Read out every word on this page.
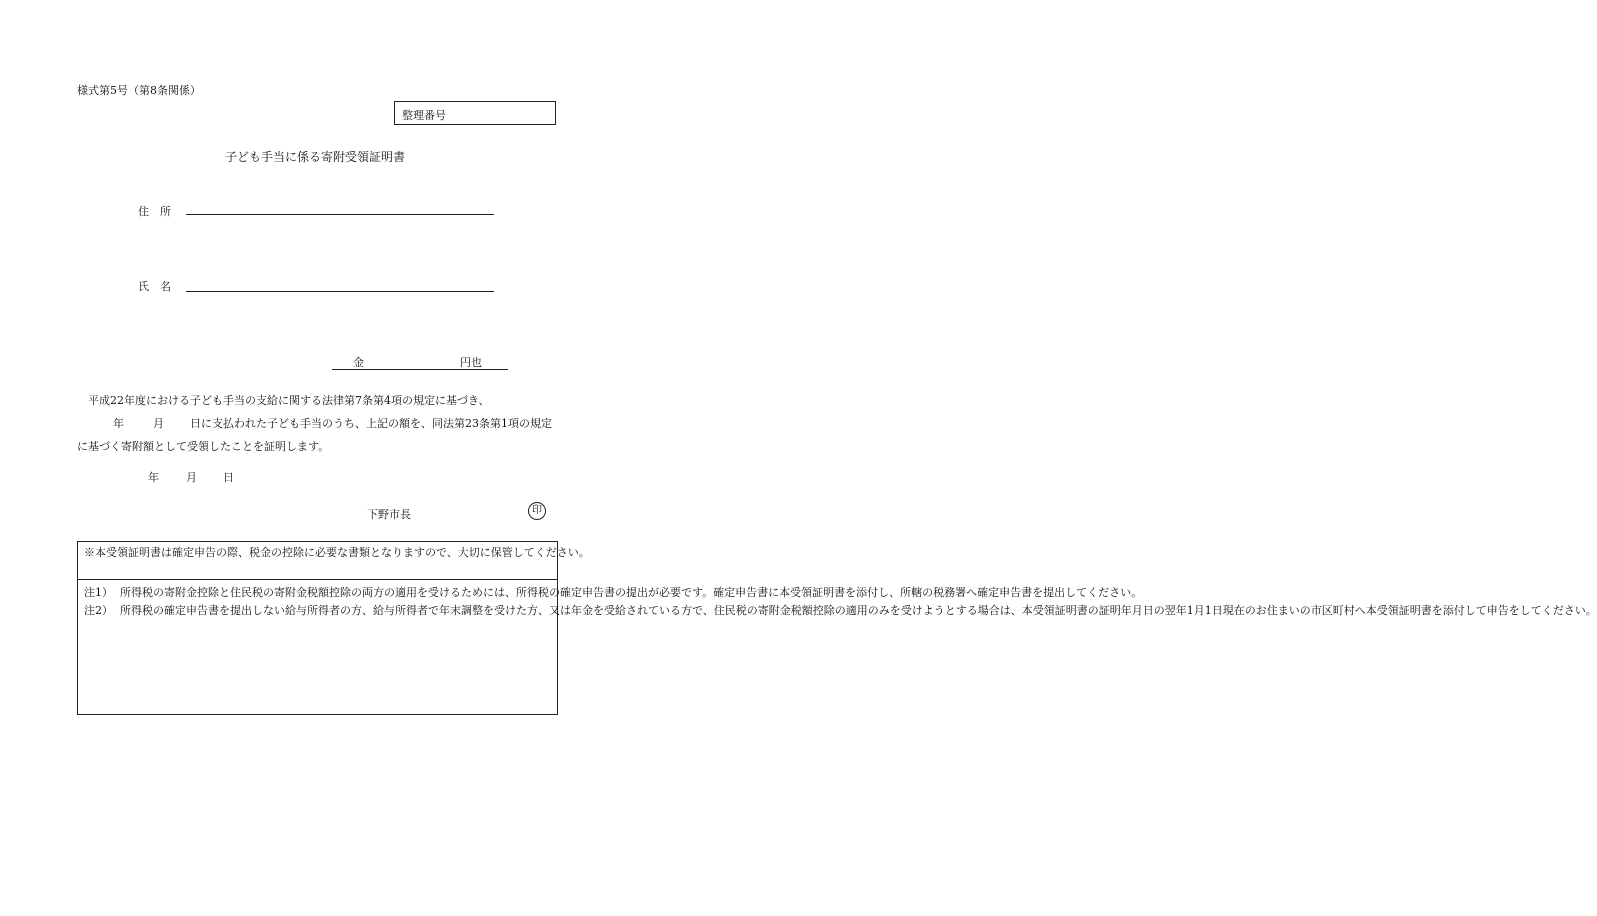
様式第5号（第8条関係）
整理番号
子ども手当に係る寄附受領証明書
住　所
氏　名
金	円也

平成22年度における子ども手当の支給に関する法律第7条第4項の規定に基づき、

年	月 日に支払われた子ども手当のうち、上記の額を、同法第23条第1項の規定に基づく寄附額として受領したことを証明します。

年 月 日
下野市長	印
※本受領証明書は確定申告の際、税金の控除に必要な書類となりますので、大切に保管してください。
注1） 所得税の寄附金控除と住民税の寄附金税額控除の両方の適用を受けるためには、所得税の確定申告書の提出が必要です。確定申告書に本受領証明書を添付し、所轄の税務署へ確定申告書を提出してください。
注2） 所得税の確定申告書を提出しない給与所得者の方、給与所得者で年末調整を受けた方、又は年金を受給されている方で、住民税の寄附金税額控除の適用のみを受けようとする場合は、本受領証明書の証明年月日の翌年1月1日現在のお住まいの市区町村へ本受領証明書を添付して申告をしてください。
